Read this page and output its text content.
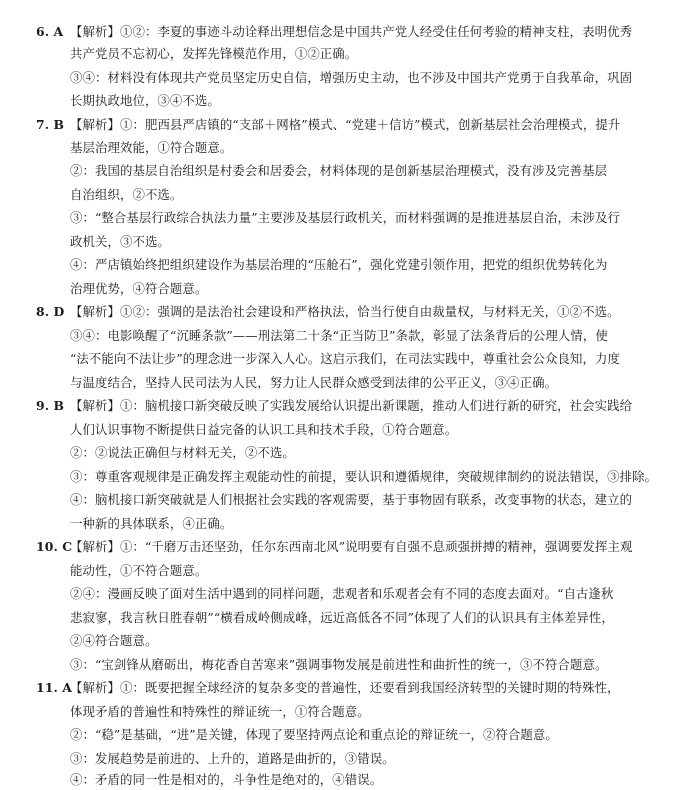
6. A 【解析】①②：李夏的事迹斗动诠释出理想信念是中国共产党人经受住任何考验的精神支柱，表明优秀
共产党员不忘初心，发挥先锋模范作用，①②正确。
③④：材料没有体现共产党员坚定历史自信，增强历史主动，也不涉及中国共产党勇于自我革命，巩固
长期执政地位，③④不选。
7. B 【解析】①：肥西县严店镇的“支部＋网格”模式、“党建＋信访”模式，创新基层社会治理模式，提升
基层治理效能，①符合题意。
②：我国的基层自治组织是村委会和居委会，材料体现的是创新基层治理模式，没有涉及完善基层
自治组织，②不选。
③：“整合基层行政综合执法力量”主要涉及基层行政机关，而材料强调的是推进基层自治，未涉及行
政机关，③不选。
④：严店镇始终把组织建设作为基层治理的“压舱石”，强化党建引领作用，把党的组织优势转化为
治理优势，④符合题意。
8. D 【解析】①②：强调的是法治社会建设和严格执法，恰当行使自由裁量权，与材料无关，①②不选。
③④：电影唤醒了“沉睡条款”——刑法第二十条“正当防卫”条款，彰显了法条背后的公理人情，使
“法不能向不法让步”的理念进一步深入人心。这启示我们，在司法实践中，尊重社会公众良知，力度
与温度结合，坚持人民司法为人民，努力让人民群众感受到法律的公平正义，③④正确。
9. B 【解析】①：脑机接口新突破反映了实践发展给认识提出新课题，推动人们进行新的研究，社会实践给
人们认识事物不断提供日益完备的认识工具和技术手段，①符合题意。
②：②说法正确但与材料无关，②不选。
③：尊重客观规律是正确发挥主观能动性的前提，要认识和遵循规律，突破规律制约的说法错误，③排除。
④：脑机接口新突破就是人们根据社会实践的客观需要，基于事物固有联系，改变事物的状态，建立的
一种新的具体联系，④正确。
10. C【解析】①：“千磨万击还坚劲，任尔东西南北风”说明要有自强不息顽强拼搏的精神，强调要发挥主观
能动性，①不符合题意。
②④：漫画反映了面对生活中遇到的同样问题，悲观者和乐观者会有不同的态度去面对。“自古逢秋
悲寂寥，我言秋日胜春朝”“横看成岭侧成峰，远近高低各不同”体现了人们的认识具有主体差异性，
②④符合题意。
③：“宝剑锋从磨砺出，梅花香自苦寒来”强调事物发展是前进性和曲折性的统一，③不符合题意。
11. A【解析】①：既要把握全球经济的复杂多变的普遍性，还要看到我国经济转型的关键时期的特殊性，
体现矛盾的普遍性和特殊性的辩证统一，①符合题意。
②：“稳”是基础，“进”是关键，体现了要坚持两点论和重点论的辩证统一，②符合题意。
③：发展趋势是前进的、上升的，道路是曲折的，③错误。
④：矛盾的同一性是相对的，斗争性是绝对的，④错误。
